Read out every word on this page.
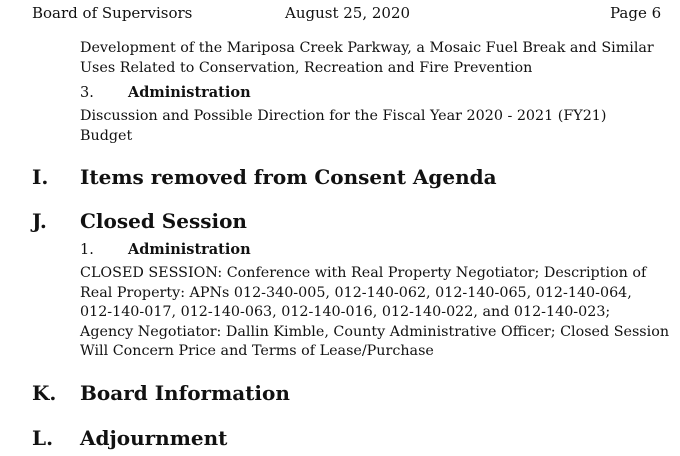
Board of Supervisors	August 25, 2020	Page 6
Development of the Mariposa Creek Parkway, a Mosaic Fuel Break and Similar
Uses Related to Conservation, Recreation and Fire Prevention
3. Administration
Discussion and Possible Direction for the Fiscal Year 2020 - 2021 (FY21)
Budget
I. Items removed from Consent Agenda
J. Closed Session
1. Administration
CLOSED SESSION: Conference with Real Property Negotiator; Description of
Real Property: APNs 012-340-005, 012-140-062, 012-140-065, 012-140-064,
012-140-017, 012-140-063, 012-140-016, 012-140-022, and 012-140-023;
Agency Negotiator: Dallin Kimble, County Administrative Officer; Closed Session
Will Concern Price and Terms of Lease/Purchase
K. Board Information
L. Adjournment
